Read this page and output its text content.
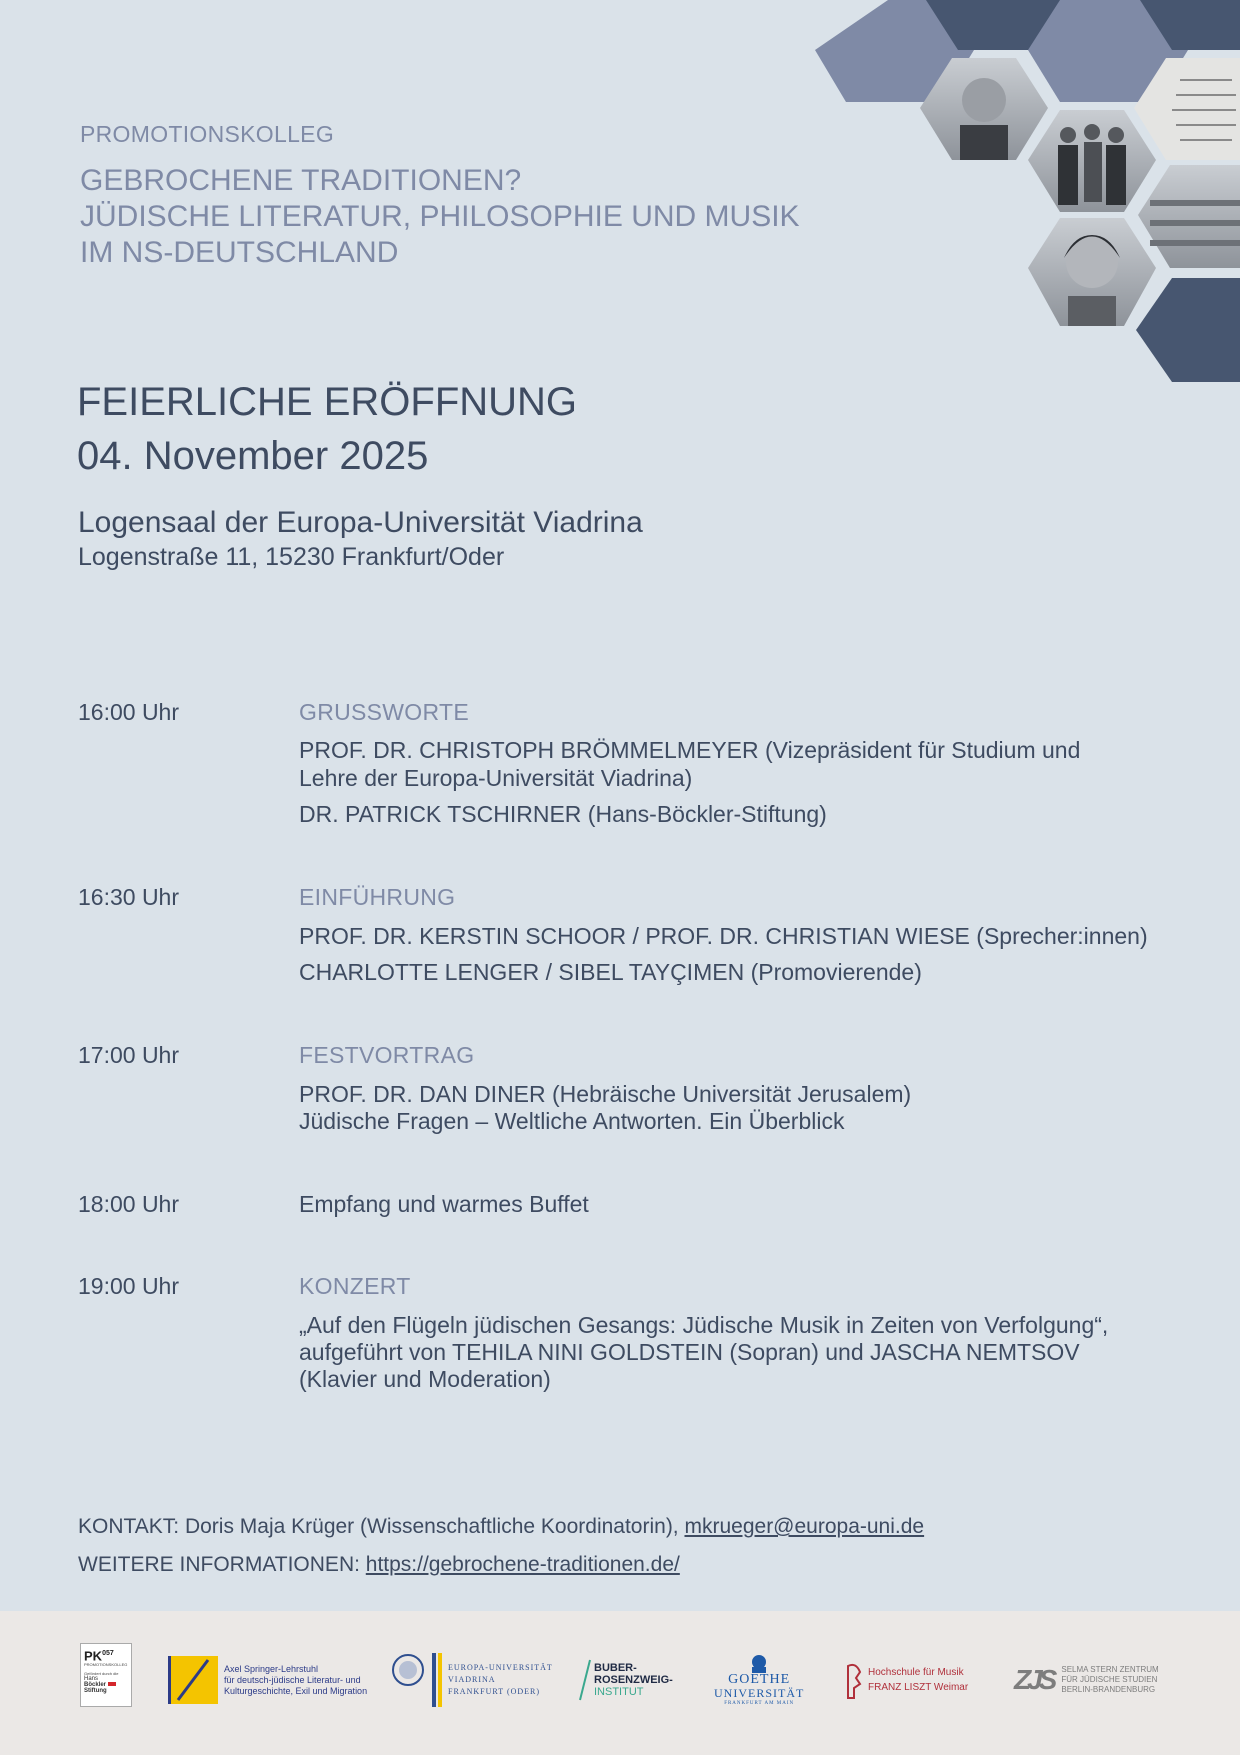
PROMOTIONSKOLLEG
GEBROCHENE TRADITIONEN?
JÜDISCHE LITERATUR, PHILOSOPHIE UND MUSIK
IM NS-DEUTSCHLAND
FEIERLICHE ERÖFFNUNG
04. November 2025
Logensaal der Europa-Universität Viadrina
Logenstraße 11, 15230 Frankfurt/Oder
16:00 Uhr	GRUSSWORTE
PROF. DR. CHRISTOPH BRÖMMELMEYER (Vizepräsident für Studium und
Lehre der Europa-Universität Viadrina)
DR. PATRICK TSCHIRNER (Hans-Böckler-Stiftung)
16:30 Uhr	EINFÜHRUNG
PROF. DR. KERSTIN SCHOOR / PROF. DR. CHRISTIAN WIESE (Sprecher:innen)
CHARLOTTE LENGER / SIBEL TAYÇIMEN (Promovierende)
17:00 Uhr	FESTVORTRAG
PROF. DR. DAN DINER (Hebräische Universität Jerusalem)
Jüdische Fragen – Weltliche Antworten. Ein Überblick
18:00 Uhr	Empfang und warmes Buffet
19:00 Uhr	KONZERT
„Auf den Flügeln jüdischen Gesangs: Jüdische Musik in Zeiten von Verfolgung“,
aufgeführt von TEHILA NINI GOLDSTEIN (Sopran) und JASCHA NEMTSOV
(Klavier und Moderation)
KONTAKT: Doris Maja Krüger (Wissenschaftliche Koordinatorin), mkrueger@europa-uni.de
WEITERE INFORMATIONEN: https://gebrochene-traditionen.de/
PK$^{057}$
PROMOTIONSKOLLEG
Gefördert durch die
Hans
Böckler
Stiftung
Axel Springer-Lehrstuhl
für deutsch-jüdische Literatur- und
Kulturgeschichte, Exil und Migration
EUROPA-UNIVERSITÄT
VIADRINA
FRANKFURT (ODER)
BUBER-
ROSENZWEIG-
INSTITUT
GOETHE
UNIVERSITÄT
FRANKFURT AM MAIN
Hochschule für Musik
FRANZ LISZT Weimar ZJS SELMA STERN ZENTRUM
FÜR JÜDISCHE STUDIEN
BERLIN-BRANDENBURG
